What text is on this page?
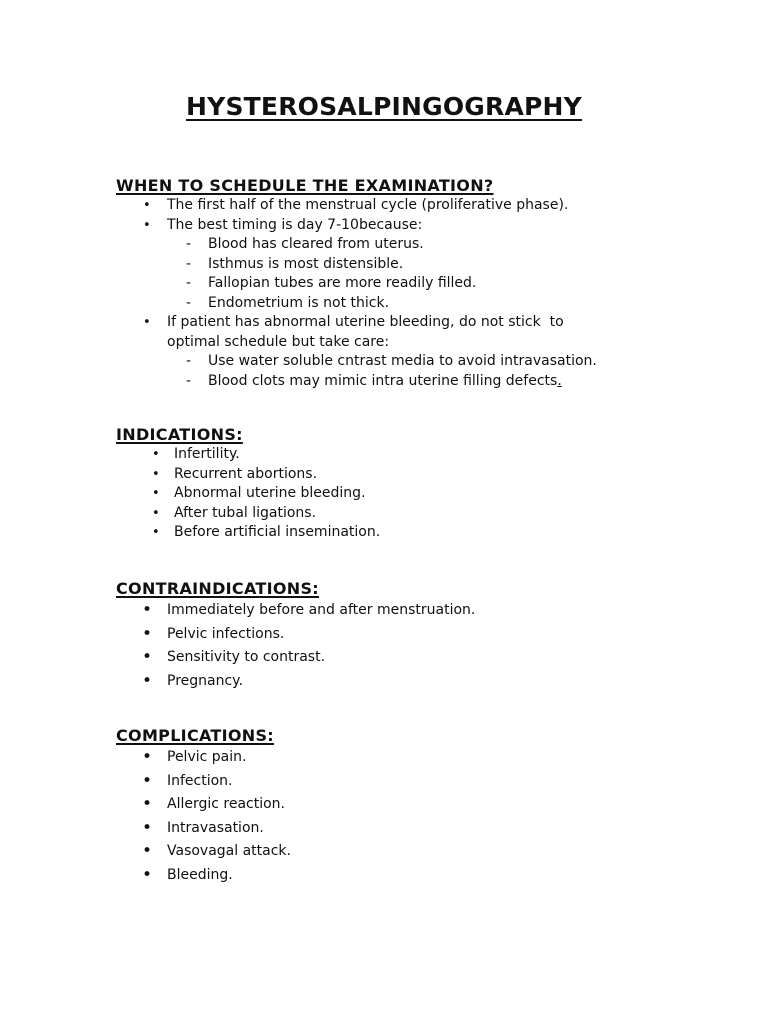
HYSTEROSALPINGOGRAPHY

WHEN TO SCHEDULE THE EXAMINATION?

• The first half of the menstrual cycle (proliferative phase).
• The best timing is day 7-10because:
- Blood has cleared from uterus.
- Isthmus is most distensible.
- Fallopian tubes are more readily filled.
- Endometrium is not thick.
• If patient has abnormal uterine bleeding, do not stick  to
optimal schedule but take care:
- Use water soluble cntrast media to avoid intravasation.
- Blood clots may mimic intra uterine filling defects.

INDICATIONS:

• Infertility.
• Recurrent abortions.
• Abnormal uterine bleeding.
• After tubal ligations.
• Before artificial insemination.

CONTRAINDICATIONS:

• Immediately before and after menstruation.
• Pelvic infections.
• Sensitivity to contrast.
• Pregnancy.

COMPLICATIONS:

• Pelvic pain.
• Infection.
• Allergic reaction.
• Intravasation.
• Vasovagal attack.
• Bleeding.
